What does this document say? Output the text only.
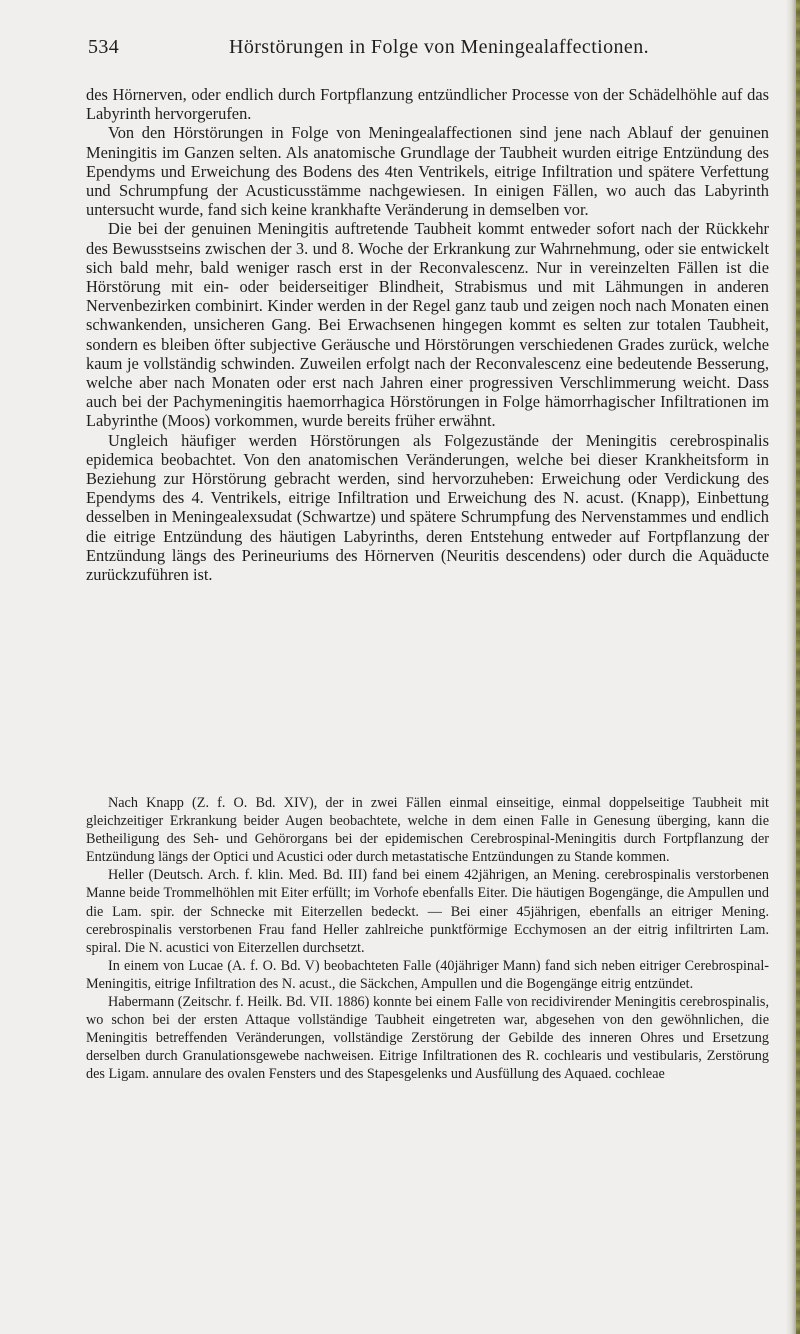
534	Hörstörungen in Folge von Meningealaffectionen.

des Hörnerven, oder endlich durch Fortpflanzung entzündlicher Processe von der Schädelhöhle auf das Labyrinth hervorgerufen.

Von den Hörstörungen in Folge von Meningealaffectionen sind jene nach Ablauf der genuinen Meningitis im Ganzen selten. Als anatomische Grundlage der Taubheit wurden eitrige Entzündung des Ependyms und Erweichung des Bodens des 4ten Ventrikels, eitrige Infiltration und spätere Verfettung und Schrumpfung der Acusticusstämme nachgewiesen. In einigen Fällen, wo auch das Labyrinth untersucht wurde, fand sich keine krankhafte Veränderung in demselben vor.

Die bei der genuinen Meningitis auftretende Taubheit kommt entweder sofort nach der Rückkehr des Bewusstseins zwischen der 3. und 8. Woche der Erkrankung zur Wahrnehmung, oder sie entwickelt sich bald mehr, bald weniger rasch erst in der Reconvalescenz. Nur in vereinzelten Fällen ist die Hörstörung mit ein- oder beiderseitiger Blindheit, Strabismus und mit Lähmungen in anderen Nervenbezirken combinirt. Kinder werden in der Regel ganz taub und zeigen noch nach Monaten einen schwankenden, unsicheren Gang. Bei Erwachsenen hingegen kommt es selten zur totalen Taubheit, sondern es bleiben öfter subjective Geräusche und Hörstörungen verschiedenen Grades zurück, welche kaum je vollständig schwinden. Zuweilen erfolgt nach der Reconvalescenz eine bedeutende Besserung, welche aber nach Monaten oder erst nach Jahren einer progressiven Verschlimmerung weicht. Dass auch bei der Pachymeningitis haemorrhagica Hörstörungen in Folge hämorrhagischer Infiltrationen im Labyrinthe (Moos) vorkommen, wurde bereits früher erwähnt.

Ungleich häufiger werden Hörstörungen als Folgezustände der Meningitis cerebrospinalis epidemica beobachtet. Von den anatomischen Veränderungen, welche bei dieser Krankheitsform in Beziehung zur Hörstörung gebracht werden, sind hervorzuheben: Erweichung oder Verdickung des Ependyms des 4. Ventrikels, eitrige Infiltration und Erweichung des N. acust. (Knapp), Einbettung desselben in Meningealexsudat (Schwartze) und spätere Schrumpfung des Nervenstammes und endlich die eitrige Entzündung des häutigen Labyrinths, deren Entstehung entweder auf Fortpflanzung der Entzündung längs des Perineuriums des Hörnerven (Neuritis descendens) oder durch die Aquäducte zurückzuführen ist.

Nach Knapp (Z. f. O. Bd. XIV), der in zwei Fällen einmal einseitige, einmal doppelseitige Taubheit mit gleichzeitiger Erkrankung beider Augen beobachtete, welche in dem einen Falle in Genesung überging, kann die Betheiligung des Seh- und Gehörorgans bei der epidemischen Cerebrospinal-Meningitis durch Fortpflanzung der Entzündung längs der Optici und Acustici oder durch metastatische Entzündungen zu Stande kommen.

Heller (Deutsch. Arch. f. klin. Med. Bd. III) fand bei einem 42jährigen, an Mening. cerebrospinalis verstorbenen Manne beide Trommelhöhlen mit Eiter erfüllt; im Vorhofe ebenfalls Eiter. Die häutigen Bogengänge, die Ampullen und die Lam. spir. der Schnecke mit Eiterzellen bedeckt. — Bei einer 45jährigen, ebenfalls an eitriger Mening. cerebrospinalis verstorbenen Frau fand Heller zahlreiche punktförmige Ecchymosen an der eitrig infiltrirten Lam. spiral. Die N. acustici von Eiterzellen durchsetzt.

In einem von Lucae (A. f. O. Bd. V) beobachteten Falle (40jähriger Mann) fand sich neben eitriger Cerebrospinal-Meningitis, eitrige Infiltration des N. acust., die Säckchen, Ampullen und die Bogengänge eitrig entzündet.

Habermann (Zeitschr. f. Heilk. Bd. VII. 1886) konnte bei einem Falle von recidivirender Meningitis cerebrospinalis, wo schon bei der ersten Attaque vollständige Taubheit eingetreten war, abgesehen von den gewöhnlichen, die Meningitis betreffenden Veränderungen, vollständige Zerstörung der Gebilde des inneren Ohres und Ersetzung derselben durch Granulationsgewebe nachweisen. Eitrige Infiltrationen des R. cochlearis und vestibularis, Zerstörung des Ligam. annulare des ovalen Fensters und des Stapesgelenks und Ausfüllung des Aquaed. cochleae
